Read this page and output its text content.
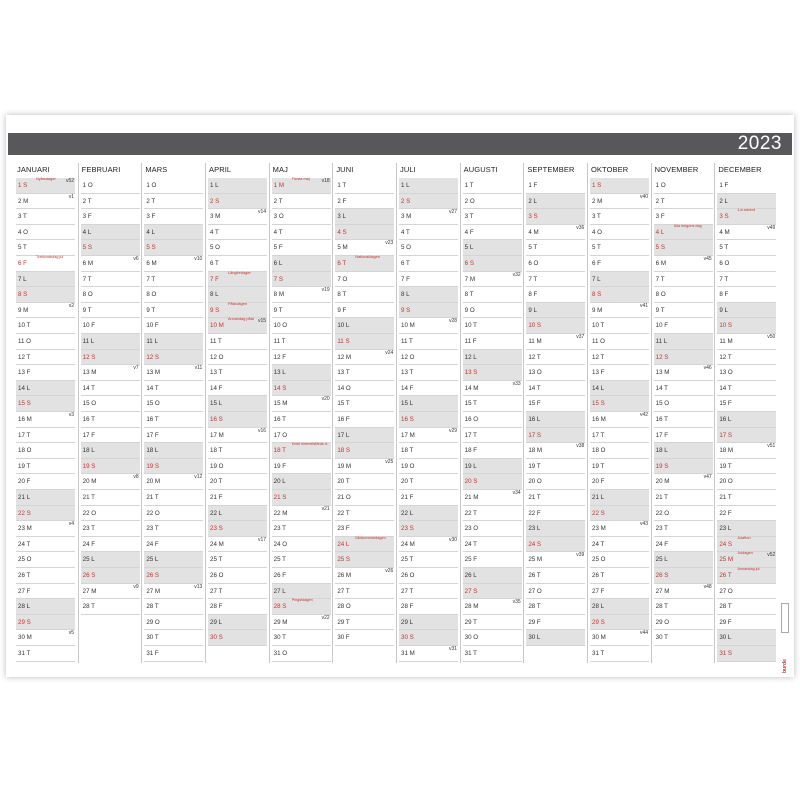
2023
JANUARI
1 S
Nyårsdagen v52
2 M
v1
3 T
4 O
5 T
6 F
Trettondedag jul
7 L
8 S
9 M
v2
10 T
11 O
12 T
13 F
14 L
15 S
16 M
v3
17 T
18 O
19 T
20 F
21 L
22 S
23 M
v4
24 T
25 O
26 T
27 F
28 L
29 S
30 M
v5
31 T
FEBRUARI
1 O
2 T
3 F
4 L
5 S
6 M
v6
7 T
8 O
9 T
10 F
11 L
12 S
13 M
v7
14 T
15 O
16 T
17 F
18 L
19 S
20 M
v8
21 T
22 O
23 T
24 F
25 L
26 S
27 M
v9
28 T
MARS
1 O
2 T
3 F
4 L
5 S
6 M
v10
7 T
8 O
9 T
10 F
11 L
12 S
13 M
v11
14 T
15 O
16 T
17 F
18 L
19 S
20 M
v12
21 T
22 O
23 T
24 F
25 L
26 S
27 M
v13
28 T
29 O
30 T
31 F
APRIL
1 L
2 S
3 M
v14
4 T
5 O
6 T
7 F
Långfredagen
8 L
9 S
Påskdagen
10 M
Annandag påsk v15
11 T
12 O
13 T
14 F
15 L
16 S
17 M
v16
18 T
19 O
20 T
21 F
22 L
23 S
24 M
v17
25 T
26 O
27 T
28 F
29 L
30 S
MAJ
1 M
Första maj v18
2 T
3 O
4 T
5 F
6 L
7 S
8 M
v19
9 T
10 O
11 T
12 F
13 L
14 S
15 M
v20
16 T
17 O
18 T
Kristi himmelsfärds d.
19 F
20 L
21 S
22 M
v21
23 T
24 O
25 T
26 F
27 L
28 S
Pingstdagen
29 M
v22
30 T
31 O
JUNI
1 T
2 F
3 L
4 S
5 M
v23
6 T
Nationaldagen
7 O
8 T
9 F
10 L
11 S
12 M
v24
13 T
14 O
15 T
16 F
17 L
18 S
19 M
v25
20 T
21 O
22 T
23 F
24 L
Midsommardagen
25 S
26 M
v26
27 T
28 O
29 T
30 F
JULI
1 L
2 S
3 M
v27
4 T
5 O
6 T
7 F
8 L
9 S
10 M
v28
11 T
12 O
13 T
14 F
15 L
16 S
17 M
v29
18 T
19 O
20 T
21 F
22 L
23 S
24 M
v30
25 T
26 O
27 T
28 F
29 L
30 S
31 M
v31
AUGUSTI
1 T
2 O
3 T
4 F
5 L
6 S
7 M
v32
8 T
9 O
10 T
11 F
12 L
13 S
14 M
v33
15 T
16 O
17 T
18 F
19 L
20 S
21 M
v34
22 T
23 O
24 T
25 F
26 L
27 S
28 M
v35
29 T
30 O
31 T
SEPTEMBER
1 F
2 L
3 S
4 M
v36
5 T
6 O
7 T
8 F
9 L
10 S
11 M
v37
12 T
13 O
14 T
15 F
16 L
17 S
18 M
v38
19 T
20 O
21 T
22 F
23 L
24 S
25 M
v39
26 T
27 O
28 T
29 F
30 L
OKTOBER
1 S
2 M
v40
3 T
4 O
5 T
6 F
7 L
8 S
9 M
v41
10 T
11 O
12 T
13 F
14 L
15 S
16 M
v42
17 T
18 O
19 T
20 F
21 L
22 S
23 M
v43
24 T
25 O
26 T
27 F
28 L
29 S
30 M
v44
31 T
NOVEMBER
1 O
2 T
3 F
4 L
Alla helgons dag
5 S
6 M
v45
7 T
8 O
9 T
10 F
11 L
12 S
13 M
v46
14 T
15 O
16 T
17 F
18 L
19 S
20 M
v47
21 T
22 O
23 T
24 F
25 L
26 S
27 M
v48
28 T
29 O
30 T
DECEMBER
1 F
2 L
3 S
1:a advent
4 M
v49
5 T
6 O
7 T
8 F
9 L
10 S
11 M
v50
12 T
13 O
14 T
15 F
16 L
17 S
18 M
v51
19 T
20 O
21 T
22 F
23 L
24 S
Julafton
25 M
Juldagen	v52
26 T
Annandag jul
27 O
28 T
29 F
30 L
31 S
burde
